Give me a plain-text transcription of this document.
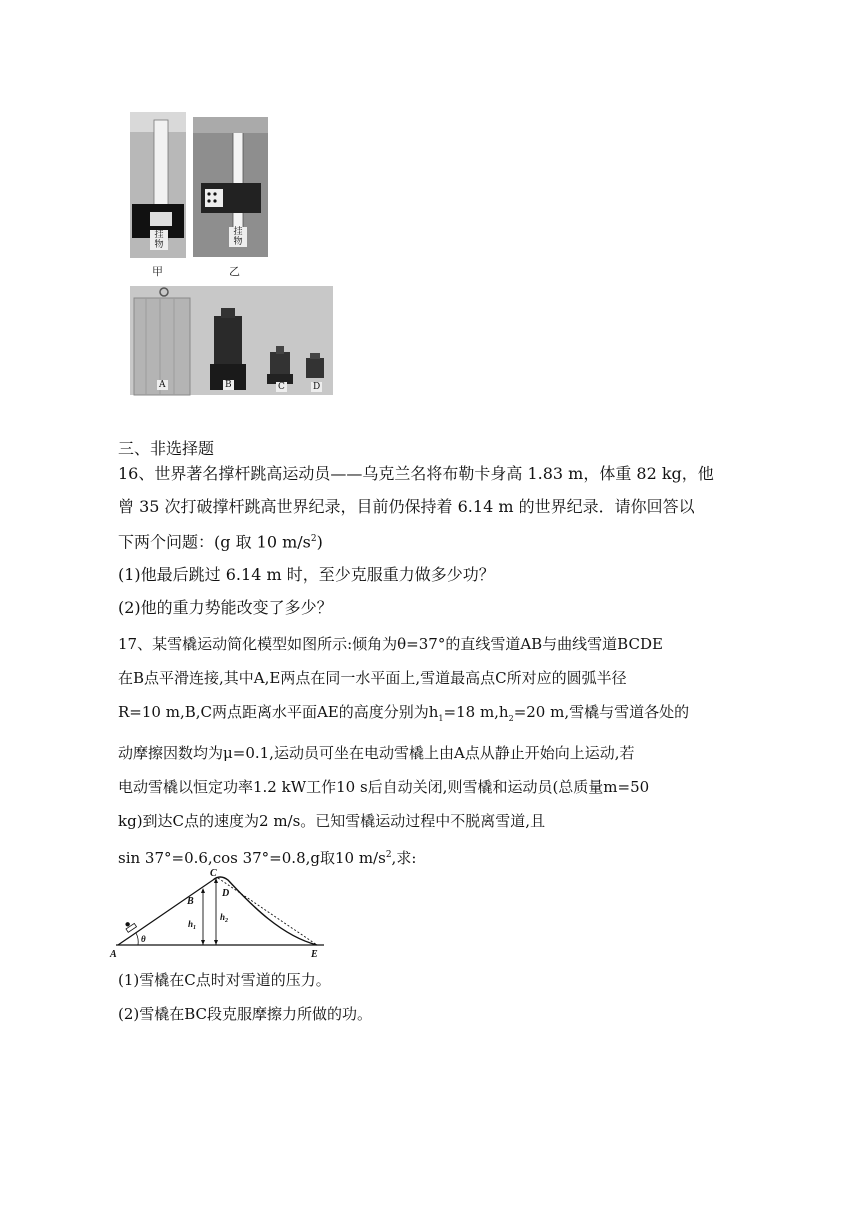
挂
物
挂
物
甲	乙
A	B	C	D
三、非选择题
16、世界著名撑杆跳高运动员——乌克兰名将布勒卡身高 1.83 m，体重 82 kg，他
曾 35 次打破撑杆跳高世界纪录，目前仍保持着 6.14 m 的世界纪录．请你回答以
下两个问题：(g 取 10 $m/s^2$)
(1)他最后跳过 6.14 m 时，至少克服重力做多少功？
(2)他的重力势能改变了多少？
17、某雪橇运动简化模型如图所示:倾角为θ=37°的直线雪道AB与曲线雪道BCDE
在B点平滑连接,其中A,E两点在同一水平面上,雪道最高点C所对应的圆弧半径
R=10 m,B,C两点距离水平面AE的高度分别为$h_1=18$ $m,h_2=20$ m,雪橇与雪道各处的
动摩擦因数均为μ=0.1,运动员可坐在电动雪橇上由A点从静止开始向上运动,若
电动雪橇以恒定功率1.2 kW工作10 s后自动关闭,则雪橇和运动员(总质量m=50
kg)到达C点的速度为2 m/s。已知雪橇运动过程中不脱离雪道,且
sin 37°=0.6,cos 37°=0.8,g取10 $m/s^2$,求:
A
B
C
D
E
θ
$h_1$
$h_2$
(1)雪橇在C点时对雪道的压力。
(2)雪橇在BC段克服摩擦力所做的功。
